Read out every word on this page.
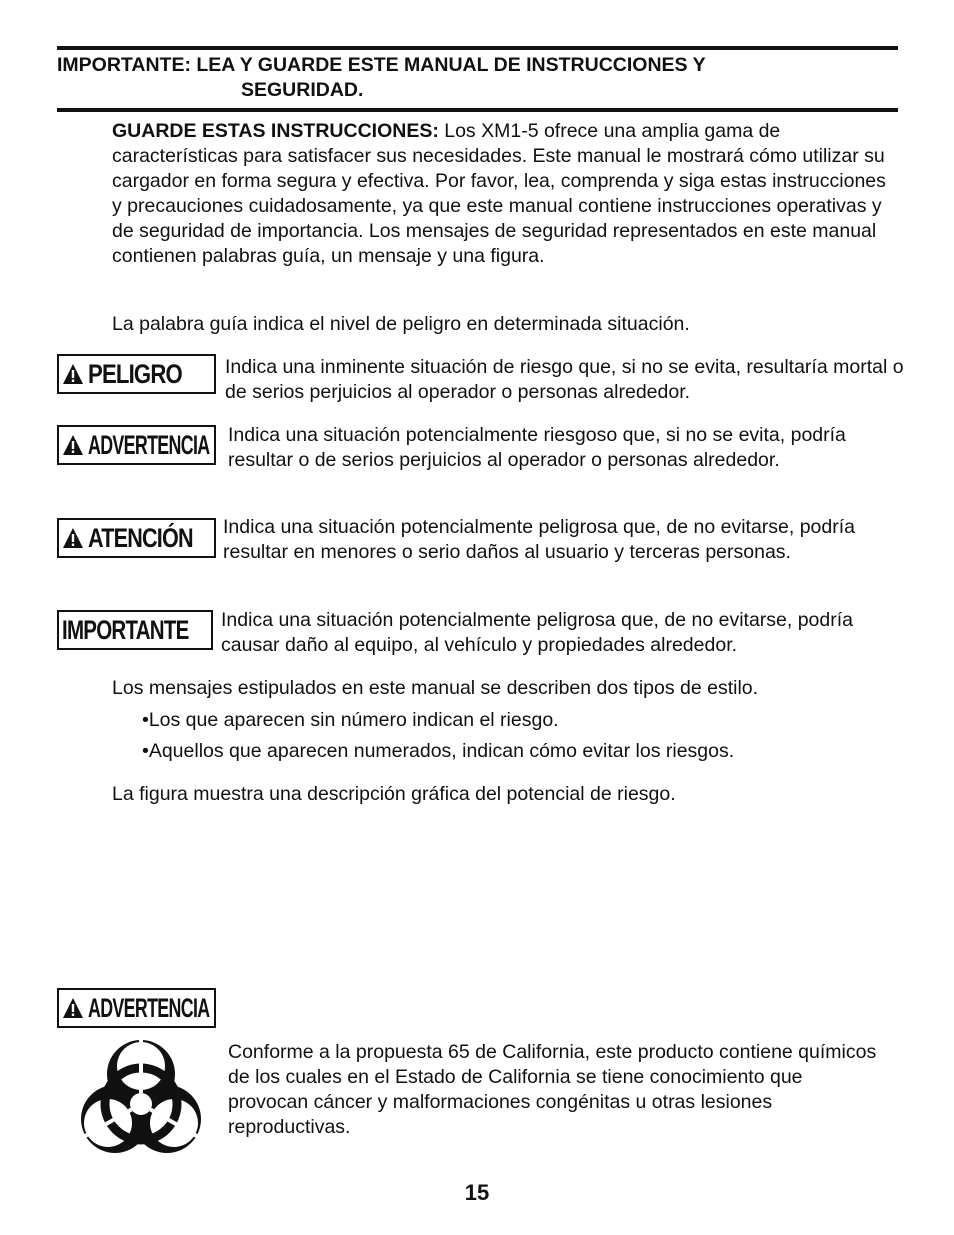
IMPORTANTE: LEA Y GUARDE ESTE MANUAL DE INSTRUCCIONES Y
SEGURIDAD.
GUARDE ESTAS INSTRUCCIONES: Los XM1-5 ofrece una amplia gama de características para satisfacer sus necesidades. Este manual le mostrará cómo utilizar su cargador en forma segura y efectiva. Por favor, lea, comprenda y siga estas instrucciones y precauciones cuidadosamente, ya que este manual contiene instrucciones operativas y de seguridad de importancia. Los mensajes de seguridad representados en este manual contienen palabras guía, un mensaje y una figura.
La palabra guía indica el nivel de peligro en determinada situación.
PELIGRO Indica una inminente situación de riesgo que, si no se evita, resultaría mortal o de serios perjuicios al operador o personas alrededor.
ADVERTENCIA Indica una situación potencialmente riesgoso que, si no se evita, podría resultar o de serios perjuicios al operador o personas alrededor.
ATENCIÓN Indica una situación potencialmente peligrosa que, de no evitarse, podría resultar en menores o serio daños al usuario y terceras personas.
IMPORTANTE Indica una situación potencialmente peligrosa que, de no evitarse, podría causar daño al equipo, al vehículo y propiedades alrededor.
Los mensajes estipulados en este manual se describen dos tipos de estilo.
•Los que aparecen sin número indican el riesgo.
•Aquellos que aparecen numerados, indican cómo evitar los riesgos.
La figura muestra una descripción gráfica del potencial de riesgo.
ADVERTENCIA
Conforme a la propuesta 65 de California, este producto contiene químicos de los cuales en el Estado de California se tiene conocimiento que provocan cáncer y malformaciones congénitas u otras lesiones reproductivas.
15
